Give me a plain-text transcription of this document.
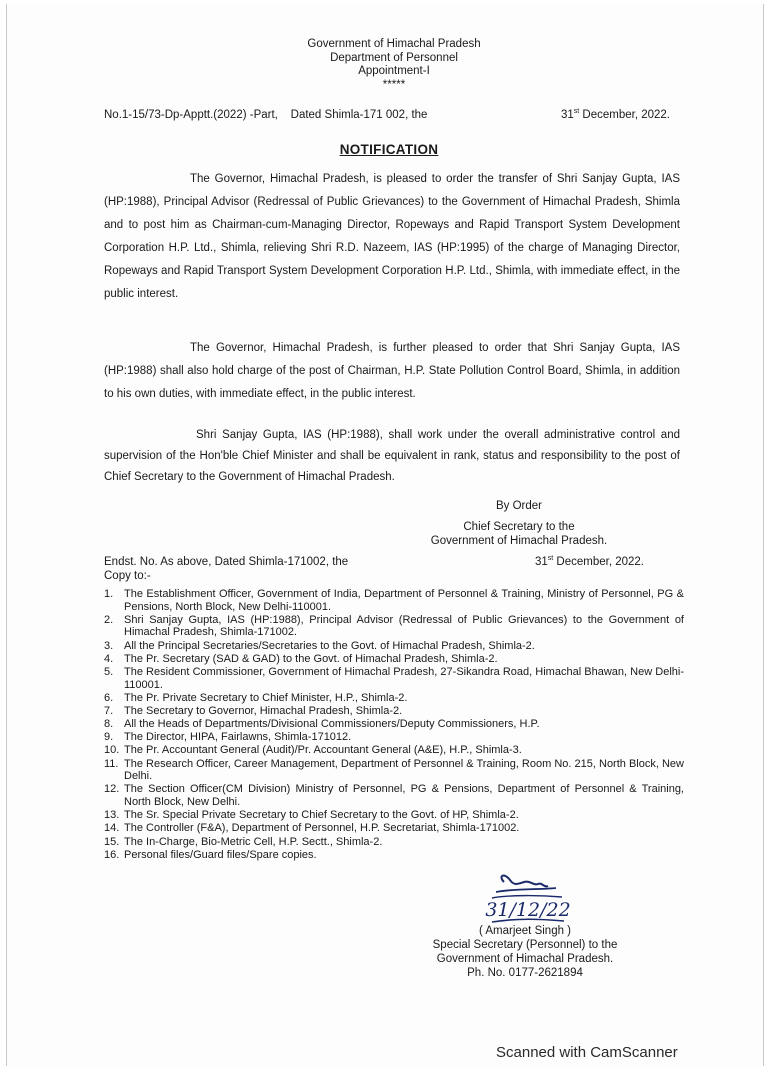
Government of Himachal Pradesh
Department of Personnel
Appointment-I
*****
No.1-15/73-Dp-Apptt.(2022) -Part, Dated Shimla-171 002, the	31st December, 2022.
NOTIFICATION
The Governor, Himachal Pradesh, is pleased to order the transfer of Shri Sanjay Gupta, IAS (HP:1988), Principal Advisor (Redressal of Public Grievances) to the Government of Himachal Pradesh, Shimla and to post him as Chairman-cum-Managing Director, Ropeways and Rapid Transport System Development Corporation H.P. Ltd., Shimla, relieving Shri R.D. Nazeem, IAS (HP:1995) of the charge of Managing Director, Ropeways and Rapid Transport System Development Corporation H.P. Ltd., Shimla, with immediate effect, in the public interest.
The Governor, Himachal Pradesh, is further pleased to order that Shri Sanjay Gupta, IAS (HP:1988) shall also hold charge of the post of Chairman, H.P. State Pollution Control Board, Shimla, in addition to his own duties, with immediate effect, in the public interest.
Shri Sanjay Gupta, IAS (HP:1988), shall work under the overall administrative control and supervision of the Hon'ble Chief Minister and shall be equivalent in rank, status and responsibility to the post of Chief Secretary to the Government of Himachal Pradesh.
By Order
Chief Secretary to the
Government of Himachal Pradesh.
Endst. No. As above, Dated Shimla-171002, the	31st December, 2022.
Copy to:-
1. The Establishment Officer, Government of India, Department of Personnel & Training, Ministry of Personnel, PG & Pensions, North Block, New Delhi-110001.
2. Shri Sanjay Gupta, IAS (HP:1988), Principal Advisor (Redressal of Public Grievances) to the Government of Himachal Pradesh, Shimla-171002.
3. All the Principal Secretaries/Secretaries to the Govt. of Himachal Pradesh, Shimla-2.
4. The Pr. Secretary (SAD & GAD) to the Govt. of Himachal Pradesh, Shimla-2.
5. The Resident Commissioner, Government of Himachal Pradesh, 27-Sikandra Road, Himachal Bhawan, New Delhi-110001.
6. The Pr. Private Secretary to Chief Minister, H.P., Shimla-2.
7. The Secretary to Governor, Himachal Pradesh, Shimla-2.
8. All the Heads of Departments/Divisional Commissioners/Deputy Commissioners, H.P.
9. The Director, HIPA, Fairlawns, Shimla-171012.
10. The Pr. Accountant General (Audit)/Pr. Accountant General (A&E), H.P., Shimla-3.
11. The Research Officer, Career Management, Department of Personnel & Training, Room No. 215, North Block, New Delhi.
12. The Section Officer(CM Division) Ministry of Personnel, PG & Pensions, Department of Personnel & Training, North Block, New Delhi.
13. The Sr. Special Private Secretary to Chief Secretary to the Govt. of HP, Shimla-2.
14. The Controller (F&A), Department of Personnel, H.P. Secretariat, Shimla-171002.
15. The In-Charge, Bio-Metric Cell, H.P. Sectt., Shimla-2.
16. Personal files/Guard files/Spare copies.
31/12/22
( Amarjeet Singh )
Special Secretary (Personnel) to the
Government of Himachal Pradesh.
Ph. No. 0177-2621894
Scanned with CamScanner
